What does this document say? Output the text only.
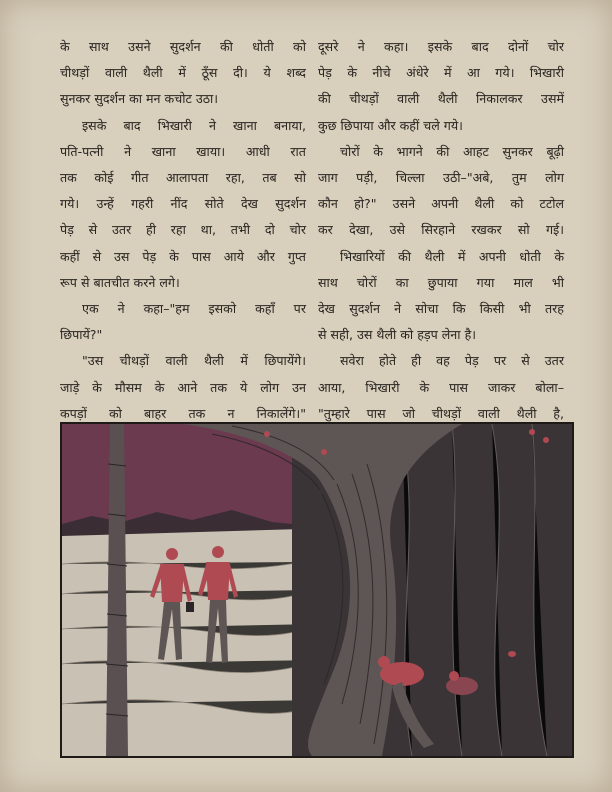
के साथ उसने सुदर्शन की धोती को

चीथड़ों वाली थैली में ठूँस दी। ये शब्द

सुनकर सुदर्शन का मन कचोट उठा।

इसके बाद भिखारी ने खाना बनाया,

पति-पत्नी ने खाना खाया। आधी रात

तक कोई गीत आलापता रहा, तब सो

गये। उन्हें गहरी नींद सोते देख सुदर्शन

पेड़ से उतर ही रहा था, तभी दो चोर

कहीं से उस पेड़ के पास आये और गुप्त

रूप से बातचीत करने लगे।

एक ने कहा–"हम इसको कहाँ पर

छिपायें?"

"उस चीथड़ों वाली थैली में छिपायेंगे।

जाड़े के मौसम के आने तक ये लोग उन

कपड़ों को बाहर तक न निकालेंगे।"

दूसरे ने कहा। इसके बाद दोनों चोर

पेड़ के नीचे अंधेरे में आ गये। भिखारी

की चीथड़ों वाली थैली निकालकर उसमें

कुछ छिपाया और कहीं चले गये।

चोरों के भागने की आहट सुनकर बूढ़ी

जाग पड़ी, चिल्ला उठी–"अबे, तुम लोग

कौन हो?" उसने अपनी थैली को टटोल

कर देखा, उसे सिरहाने रखकर सो गई।

भिखारियों की थैली में अपनी धोती के

साथ चोरों का छुपाया गया माल भी

देख सुदर्शन ने सोचा कि किसी भी तरह

से सही, उस थैली को हड़प लेना है।

सवेरा होते ही वह पेड़ पर से उतर

आया, भिखारी के पास जाकर बोला–

"तुम्हारे पास जो चीथड़ों वाली थैली है,
